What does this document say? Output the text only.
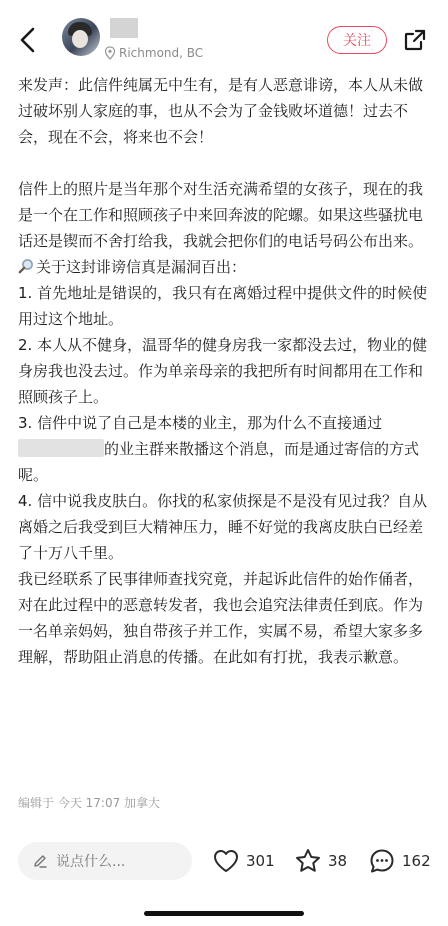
Richmond, BC
关注

来发声：此信件纯属无中生有，是有人恶意诽谤，本人从未做过破坏别人家庭的事，也从不会为了金钱败坏道德！过去不会，现在不会，将来也不会！

信件上的照片是当年那个对生活充满希望的女孩子，现在的我是一个在工作和照顾孩子中来回奔波的陀螺。如果这些骚扰电话还是锲而不舍打给我，我就会把你们的电话号码公布出来。

关于这封诽谤信真是漏洞百出：

1. 首先地址是错误的，我只有在离婚过程中提供文件的时候使用过这个地址。

2. 本人从不健身，温哥华的健身房我一家都没去过，物业的健身房我也没去过。作为单亲母亲的我把所有时间都用在工作和照顾孩子上。

3. 信件中说了自己是本楼的业主，那为什么不直接通过的业主群来散播这个消息，而是通过寄信的方式呢。

4. 信中说我皮肤白。你找的私家侦探是不是没有见过我？自从离婚之后我受到巨大精神压力，睡不好觉的我离皮肤白已经差了十万八千里。

我已经联系了民事律师查找究竟，并起诉此信件的始作俑者，对在此过程中的恶意转发者，我也会追究法律责任到底。作为一名单亲妈妈，独自带孩子并工作，实属不易，希望大家多多理解，帮助阻止消息的传播。在此如有打扰，我表示歉意。

编辑于 今天 17:07 加拿大
说点什么...	301	38	162
